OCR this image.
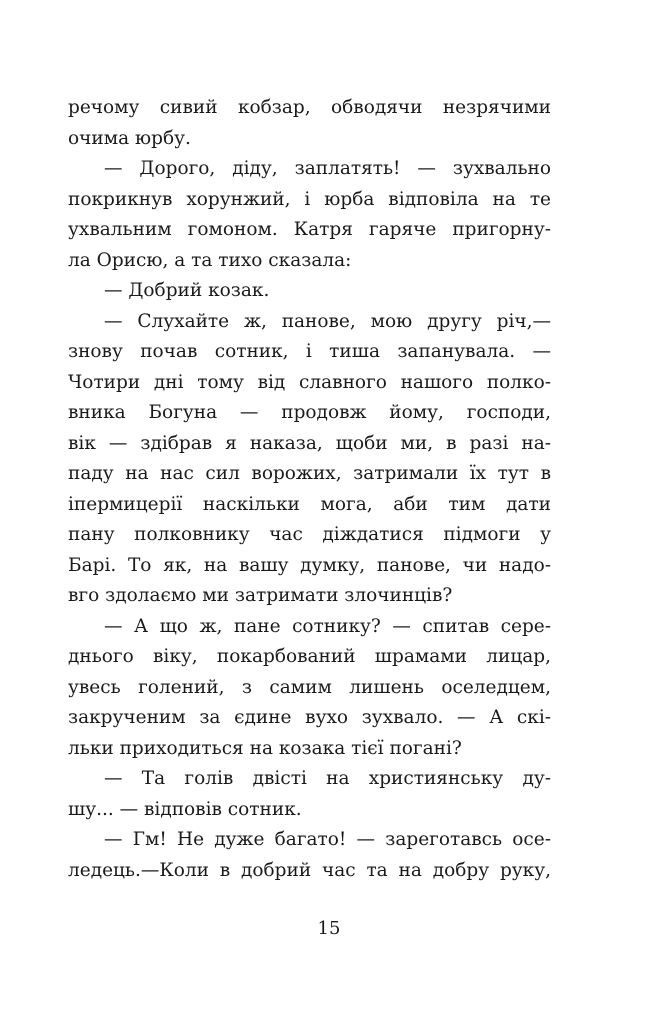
речому сивий кобзар, обводячи незрячими
очима юрбу.
— Дорого, діду, заплатять! — зухвально
покрикнув хорунжий, і юрба відповіла на те
ухвальним гомоном. Катря гаряче пригорну-
ла Орисю, а та тихо сказала:
— Добрий козак.
— Слухайте ж, панове, мою другу річ,—
знову почав сотник, і тиша запанувала. —
Чотири дні тому від славного нашого полко-
вника Богуна — продовж йому, господи,
вік — здібрав я наказа, щоби ми, в разі на-
паду на нас сил ворожих, затримали їх тут в
іпермицерії наскільки мога, аби тим дати
пану полковнику час діждатися підмоги у
Барі. То як, на вашу думку, панове, чи надо-
вго здолаємо ми затримати злочинців?
— А що ж, пане сотнику? — спитав сере-
днього віку, покарбований шрамами лицар,
увесь голений, з самим лишень оселедцем,
закрученим за єдине вухо зухвало. — А скі-
льки приходиться на козака тієї погані?
— Та голів двісті на християнську ду-
шу... — відповів сотник.
— Гм! Не дуже багато! — зареготавсь осе-
ледець.—Коли в добрий час та на добру руку,
15
